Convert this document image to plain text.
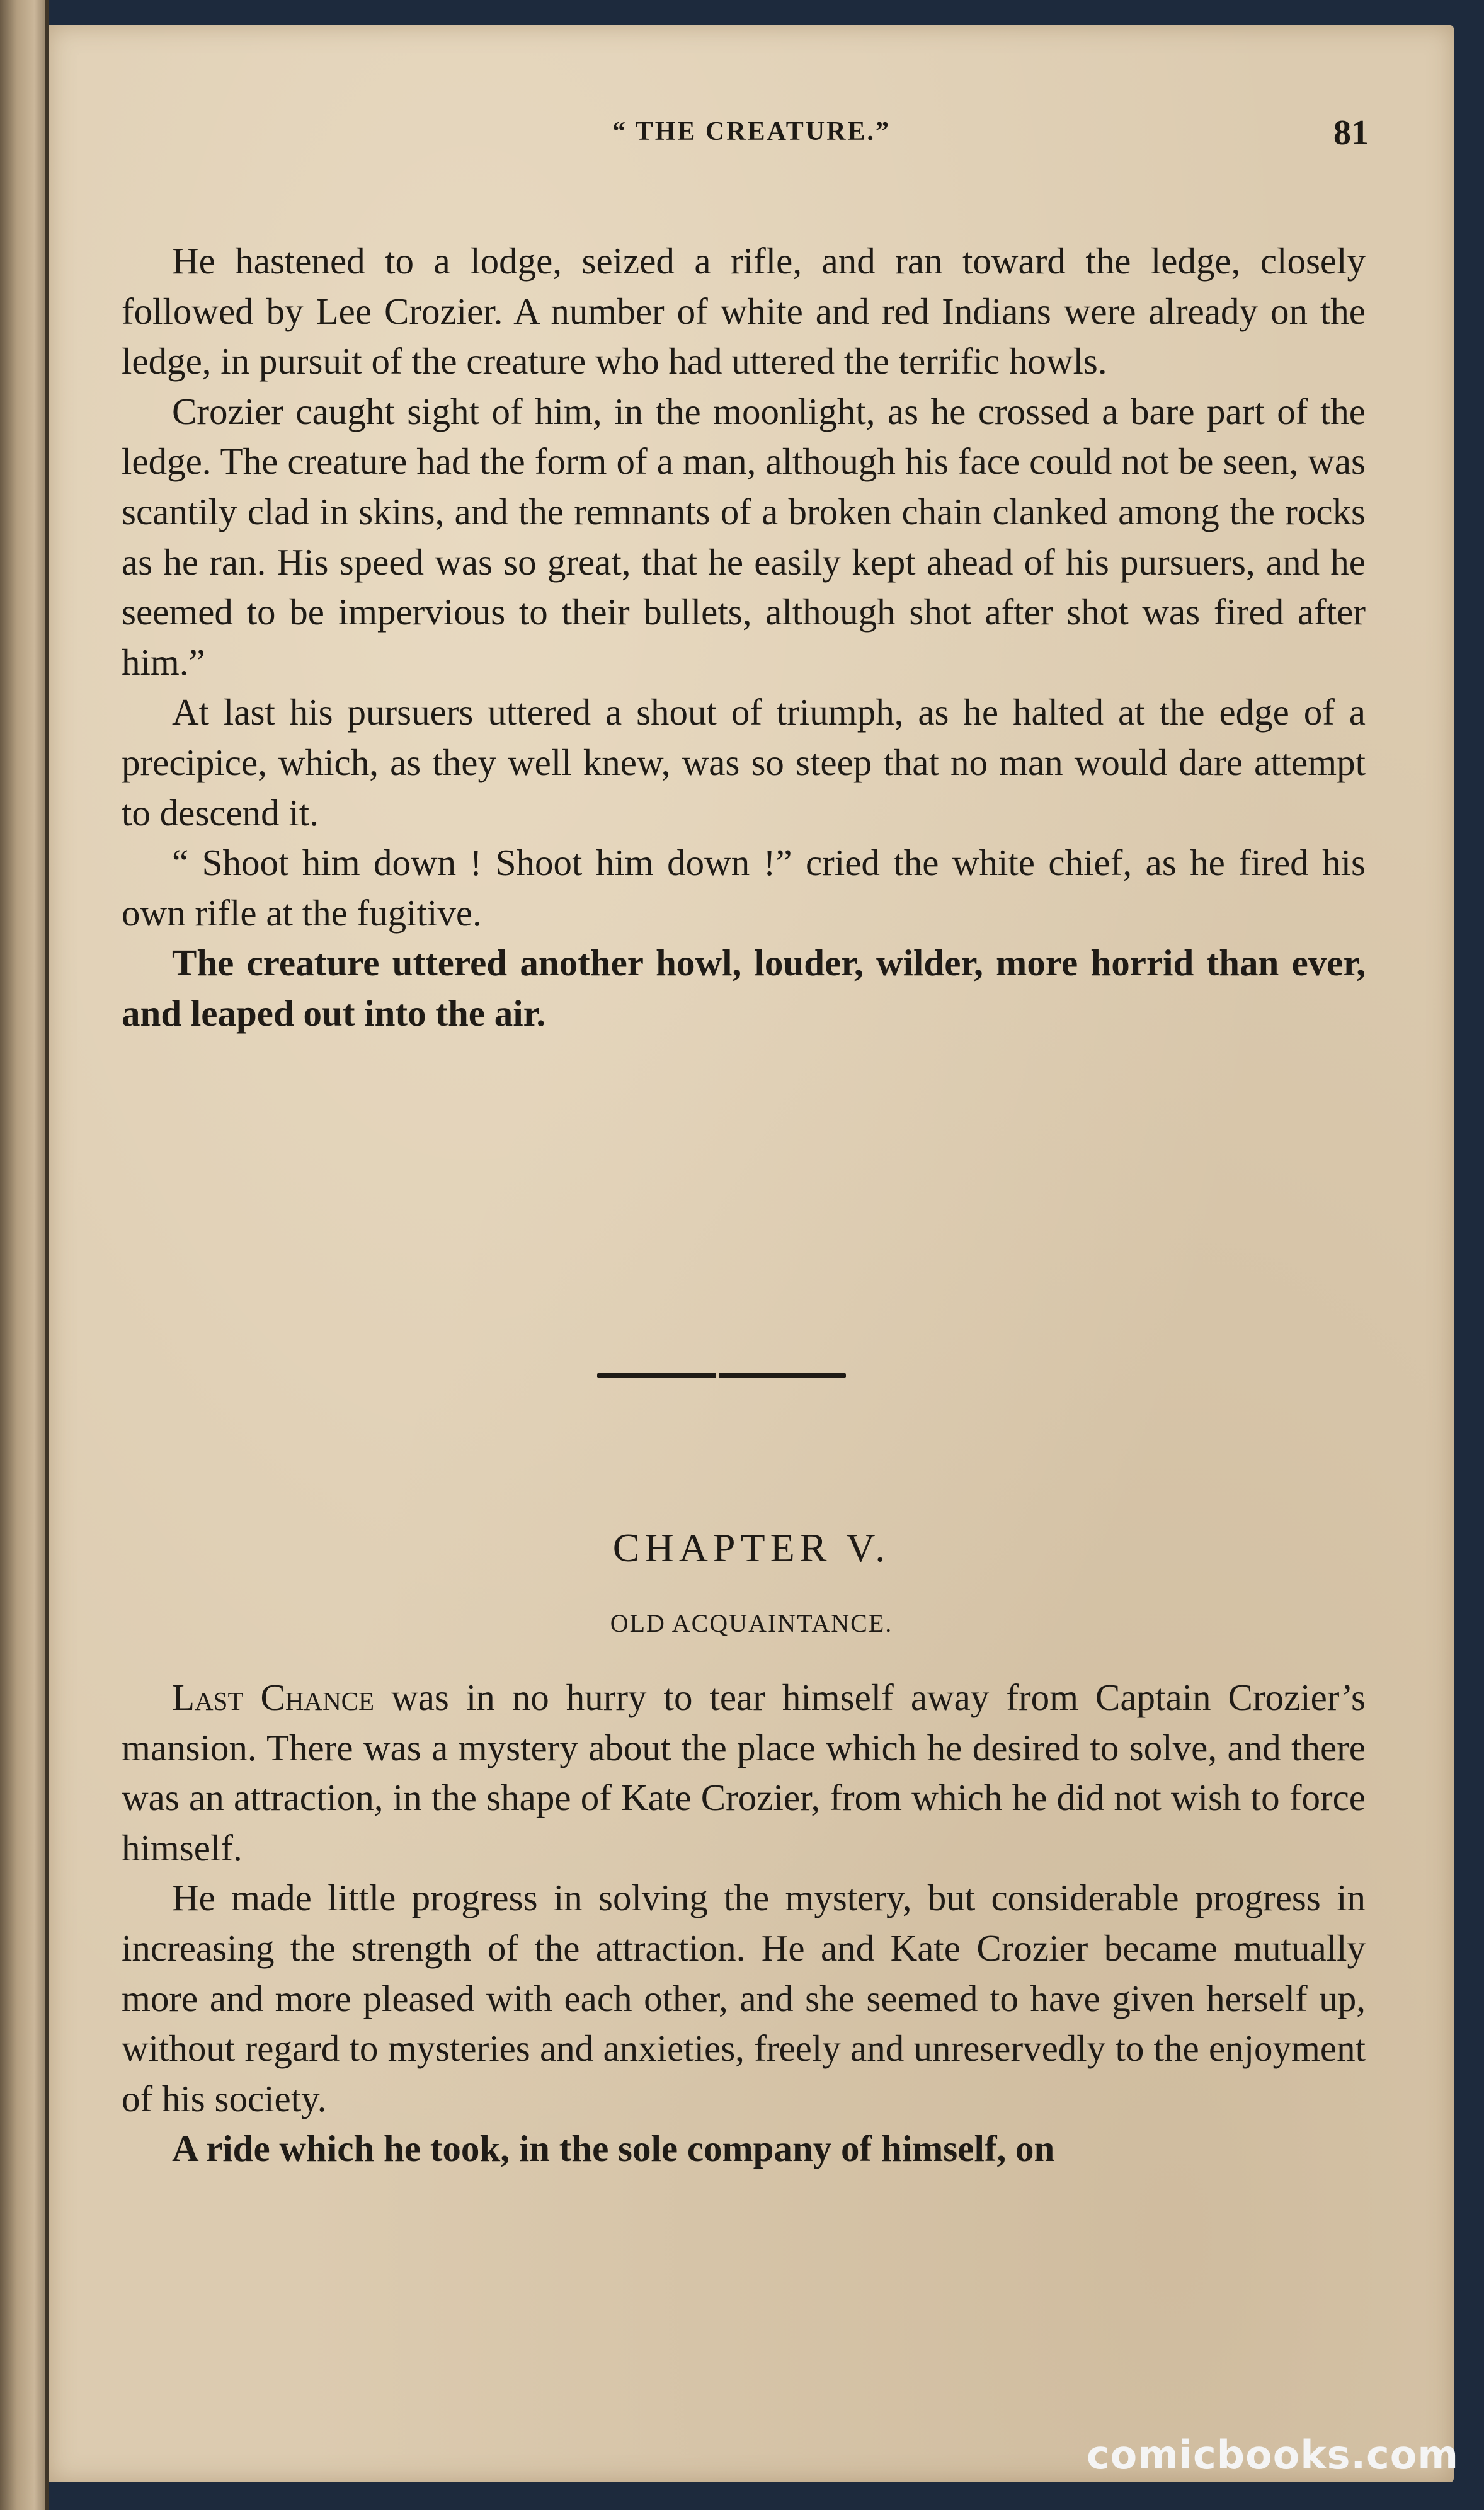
“ THE CREATURE.”	81

He hastened to a lodge, seized a rifle, and ran toward the ledge, closely followed by Lee Crozier. A number of white and red Indians were already on the ledge, in pursuit of the creature who had uttered the terrific howls.

Crozier caught sight of him, in the moonlight, as he crossed a bare part of the ledge. The creature had the form of a man, although his face could not be seen, was scantily clad in skins, and the remnants of a broken chain clanked among the rocks as he ran. His speed was so great, that he easily kept ahead of his pursuers, and he seemed to be impervious to their bullets, although shot after shot was fired after him.”

At last his pursuers uttered a shout of triumph, as he halted at the edge of a precipice, which, as they well knew, was so steep that no man would dare attempt to descend it.

“ Shoot him down ! Shoot him down !” cried the white chief, as he fired his own rifle at the fugitive.

The creature uttered another howl, louder, wilder, more horrid than ever, and leaped out into the air.

CHAPTER V.
OLD ACQUAINTANCE.

Last Chance was in no hurry to tear himself away from Captain Crozier’s mansion. There was a mystery about the place which he desired to solve, and there was an attraction, in the shape of Kate Crozier, from which he did not wish to force himself.

He made little progress in solving the mystery, but considerable progress in increasing the strength of the attraction. He and Kate Crozier became mutually more and more pleased with each other, and she seemed to have given herself up, without regard to mysteries and anxieties, freely and unreservedly to the enjoyment of his society.

A ride which he took, in the sole company of himself, on

comicbooks.com
